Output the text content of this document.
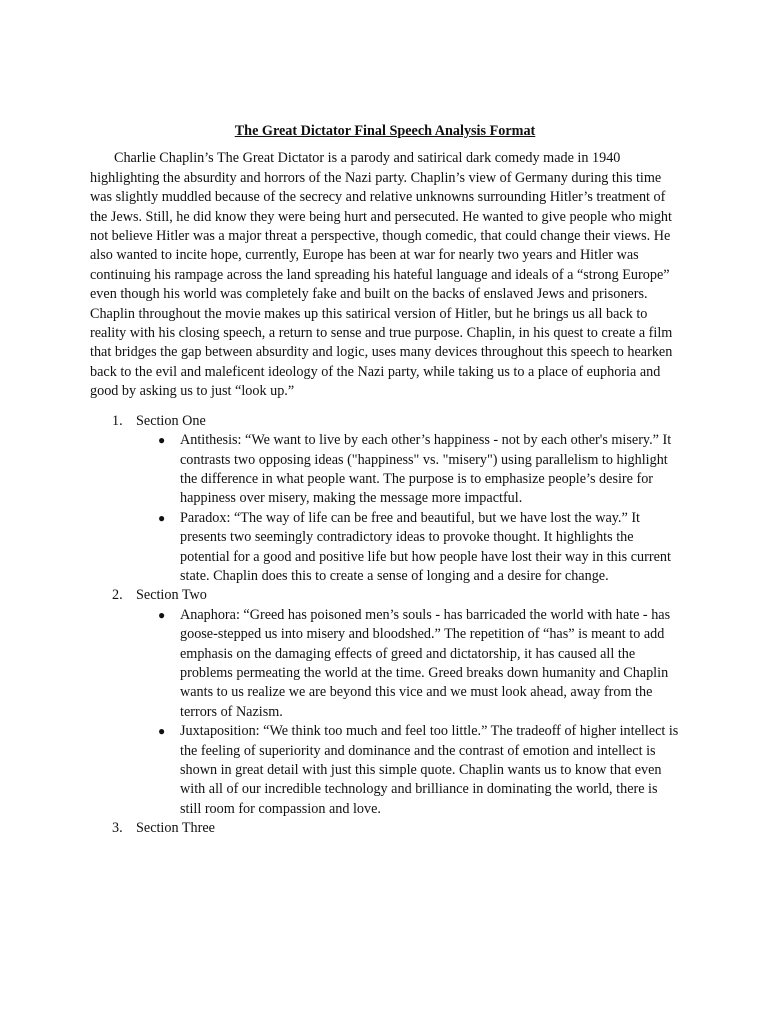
The Great Dictator Final Speech Analysis Format

Charlie Chaplin’s The Great Dictator is a parody and satirical dark comedy made in 1940 highlighting the absurdity and horrors of the Nazi party. Chaplin’s view of Germany during this time was slightly muddled because of the secrecy and relative unknowns surrounding Hitler’s treatment of the Jews. Still, he did know they were being hurt and persecuted. He wanted to give people who might not believe Hitler was a major threat a perspective, though comedic, that could change their views. He also wanted to incite hope, currently, Europe has been at war for nearly two years and Hitler was continuing his rampage across the land spreading his hateful language and ideals of a “strong Europe” even though his world was completely fake and built on the backs of enslaved Jews and prisoners. Chaplin throughout the movie makes up this satirical version of Hitler, but he brings us all back to reality with his closing speech, a return to sense and true purpose. Chaplin, in his quest to create a film that bridges the gap between absurdity and logic, uses many devices throughout this speech to hearken back to the evil and maleficent ideology of the Nazi party, while taking us to a place of euphoria and good by asking us to just “look up.”

1. Section One
● Antithesis: “We want to live by each other’s happiness - not by each other's misery.” It contrasts two opposing ideas ("happiness" vs. "misery") using parallelism to highlight the difference in what people want. The purpose is to emphasize people’s desire for happiness over misery, making the message more impactful.
● Paradox: “The way of life can be free and beautiful, but we have lost the way.” It presents two seemingly contradictory ideas to provoke thought. It highlights the potential for a good and positive life but how people have lost their way in this current state. Chaplin does this to create a sense of longing and a desire for change.
2. Section Two
● Anaphora: “Greed has poisoned men’s souls - has barricaded the world with hate - has goose-stepped us into misery and bloodshed.” The repetition of “has” is meant to add emphasis on the damaging effects of greed and dictatorship, it has caused all the problems permeating the world at the time. Greed breaks down humanity and Chaplin wants to us realize we are beyond this vice and we must look ahead, away from the terrors of Nazism.
● Juxtaposition: “We think too much and feel too little.” The tradeoff of higher intellect is the feeling of superiority and dominance and the contrast of emotion and intellect is shown in great detail with just this simple quote. Chaplin wants us to know that even with all of our incredible technology and brilliance in dominating the world, there is still room for compassion and love.
3. Section Three
